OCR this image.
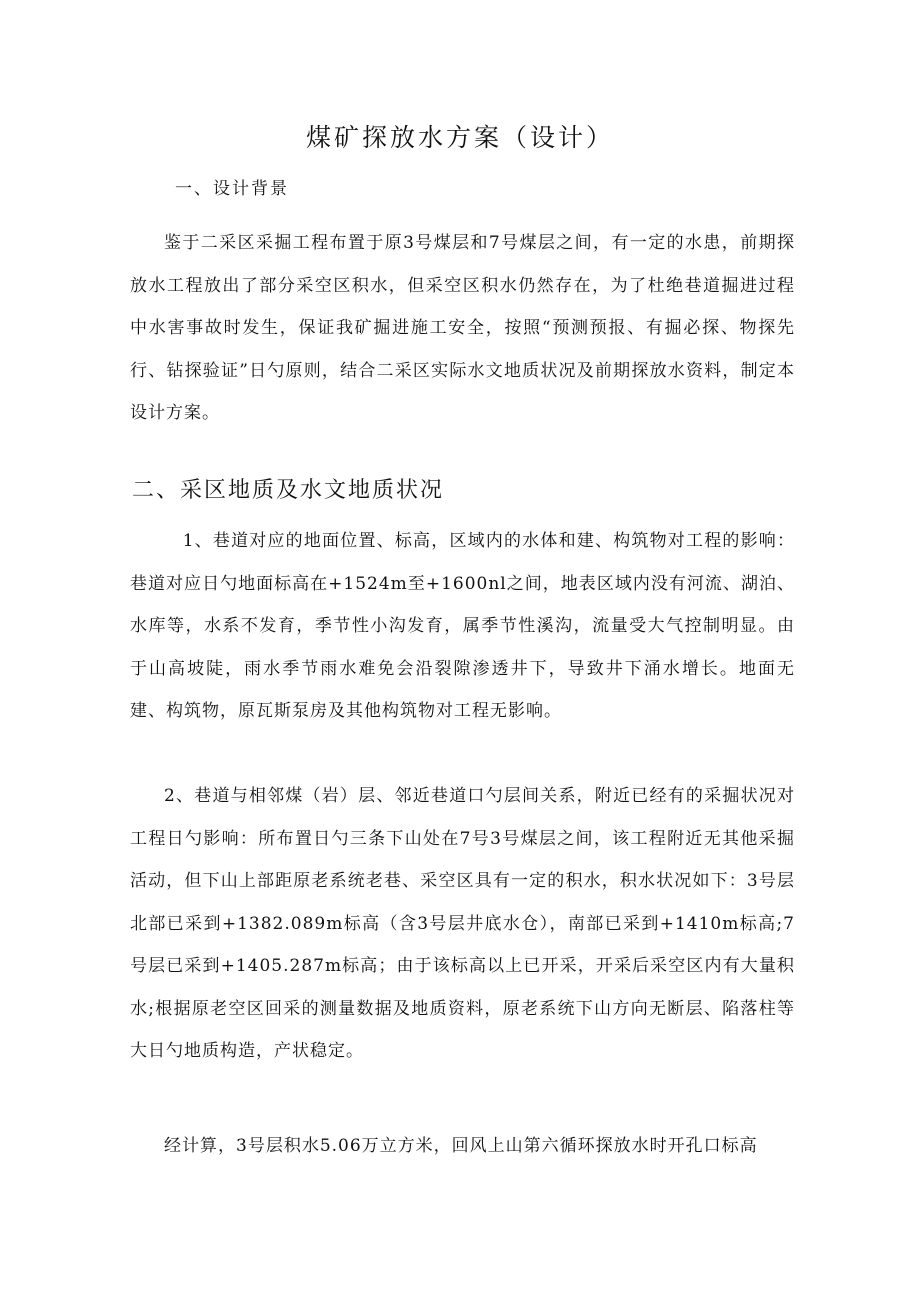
煤矿探放水方案（设计）
一、设计背景

鉴于二采区采掘工程布置于原3号煤层和7号煤层之间，有一定的水患，前期探放水工程放出了部分采空区积水，但采空区积水仍然存在，为了杜绝巷道掘进过程中水害事故时发生，保证我矿掘进施工安全，按照“预测预报、有掘必探、物探先行、钻探验证”日勺原则，结合二采区实际水文地质状况及前期探放水资料，制定本设计方案。

二、采区地质及水文地质状况

1、巷道对应的地面位置、标高，区域内的水体和建、构筑物对工程的影响：巷道对应日勺地面标高在+1524m至+1600nl之间，地表区域内没有河流、湖泊、水库等，水系不发育，季节性小沟发育，属季节性溪沟，流量受大气控制明显。由于山高坡陡，雨水季节雨水难免会沿裂隙渗透井下，导致井下涌水增长。地面无建、构筑物，原瓦斯泵房及其他构筑物对工程无影响。

2、巷道与相邻煤（岩）层、邻近巷道口勺层间关系，附近已经有的采掘状况对工程日勺影响：所布置日勺三条下山处在7号3号煤层之间，该工程附近无其他采掘活动，但下山上部距原老系统老巷、采空区具有一定的积水，积水状况如下：3号层北部已采到+1382.089m标高（含3号层井底水仓），南部已采到+1410m标高;7号层已采到+1405.287m标高；由于该标高以上已开采，开采后采空区内有大量积水;根据原老空区回采的测量数据及地质资料，原老系统下山方向无断层、陷落柱等大日勺地质构造，产状稳定。

经计算，3号层积水5.06万立方米，回风上山第六循环探放水时开孔口标高
